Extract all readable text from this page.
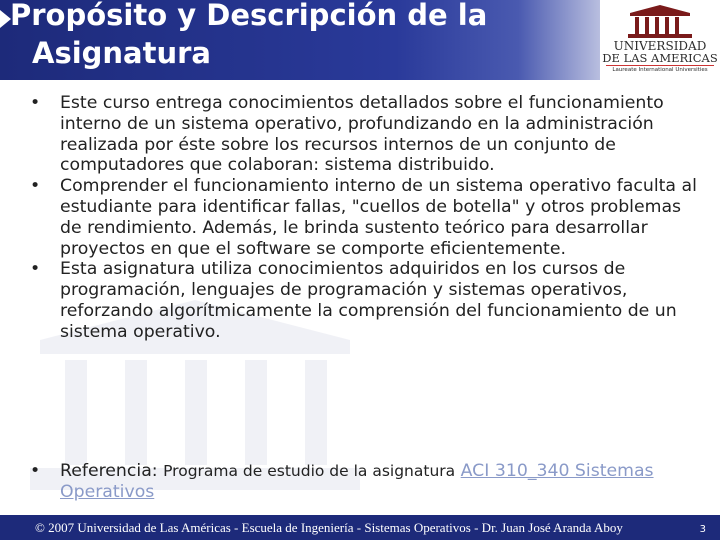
Propósito y Descripción de la
Asignatura	UNIVERSIDAD
DE LAS AMERICAS
Laureate International Universities
• Este curso entrega conocimientos detallados sobre el funcionamiento interno de un sistema operativo, profundizando en la administración realizada por éste sobre los recursos internos de un conjunto de computadores que colaboran: sistema distribuido.
• Comprender el funcionamiento interno de un sistema operativo faculta al estudiante para identificar fallas, "cuellos de botella" y otros problemas de rendimiento. Además, le brinda sustento teórico para desarrollar proyectos en que el software se comporte eficientemente.
• Esta asignatura utiliza conocimientos adquiridos en los cursos de programación, lenguajes de programación y sistemas operativos, reforzando algorítmicamente la comprensión del funcionamiento de un sistema operativo.
• Referencia: Programa de estudio de la asignatura ACI 310_340 Sistemas Operativos
© 2007 Universidad de Las Américas - Escuela de Ingeniería - Sistemas Operativos - Dr. Juan José Aranda Aboy	3
